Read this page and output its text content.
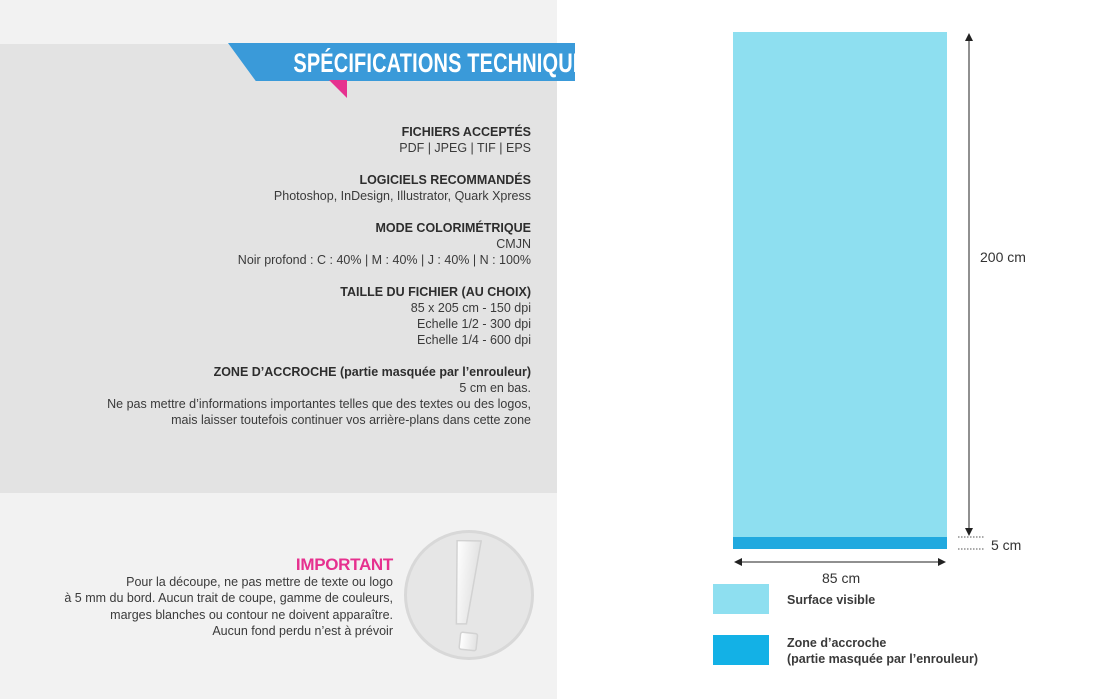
SPÉCIFICATIONS TECHNIQUES
FICHIERS ACCEPTÉS
PDF | JPEG | TIF | EPS
LOGICIELS RECOMMANDÉS
Photoshop, InDesign, Illustrator, Quark Xpress
MODE COLORIMÉTRIQUE
CMJN
Noir profond : C : 40% | M : 40% | J : 40% | N : 100%
TAILLE DU FICHIER (AU CHOIX)
85 x 205 cm - 150 dpi
Echelle 1/2 - 300 dpi
Echelle 1/4 - 600 dpi
ZONE D’ACCROCHE (partie masquée par l’enrouleur)
5 cm en bas.
Ne pas mettre d’informations importantes telles que des textes ou des logos,
mais laisser toutefois continuer vos arrière-plans dans cette zone
IMPORTANT
Pour la découpe, ne pas mettre de texte ou logo
à 5 mm du bord. Aucun trait de coupe, gamme de couleurs,
marges blanches ou contour ne doivent apparaître.
Aucun fond perdu n’est à prévoir
200 cm
5 cm
85 cm
Surface visible
Zone d’accroche
(partie masquée par l’enrouleur)
